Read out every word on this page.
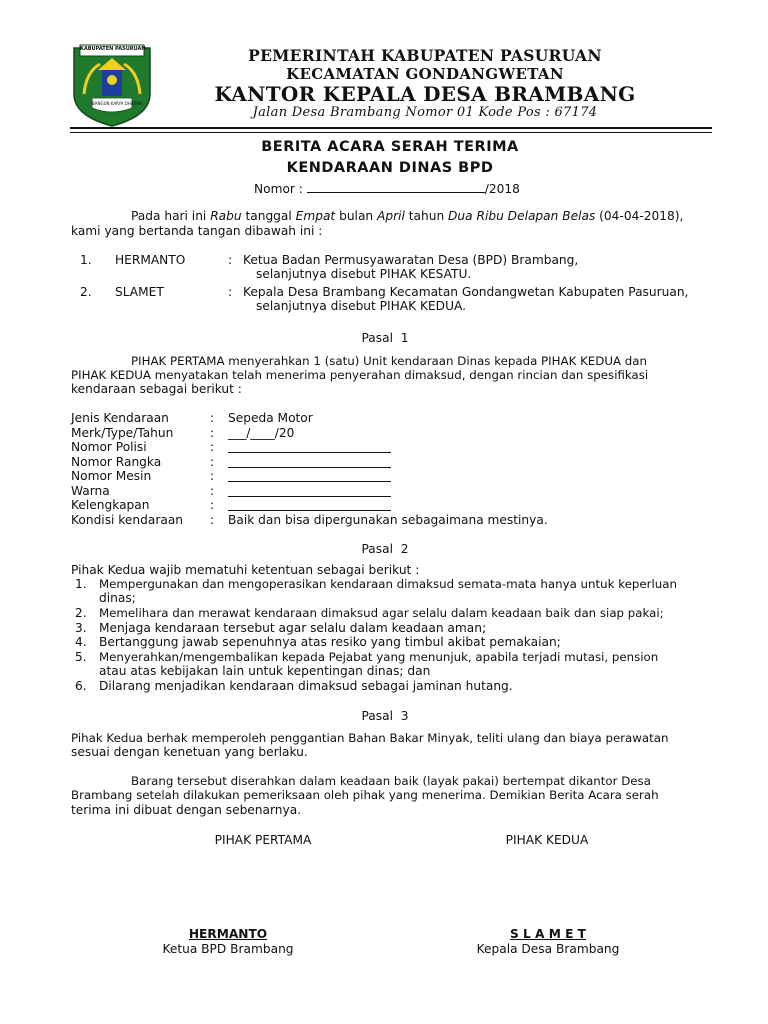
KABUPATEN PASURUAN
BANGUN KARYA DHARMA
PEMERINTAH KABUPATEN PASURUAN
KECAMATAN GONDANGWETAN
KANTOR KEPALA DESA BRAMBANG
Jalan Desa Brambang Nomor 01 Kode Pos : 67174
BERITA ACARA SERAH TERIMA
KENDARAAN DINAS BPD
Nomor :	/2018
Pada hari ini Rabu tanggal Empat bulan April tahun Dua Ribu Delapan Belas (04-04-2018),
kami yang bertanda tangan dibawah ini :
1. HERMANTO	: Ketua Badan Permusyawaratan Desa (BPD) Brambang,
selanjutnya disebut PIHAK KESATU.
2. SLAMET	: Kepala Desa Brambang Kecamatan Gondangwetan Kabupaten Pasuruan,
selanjutnya disebut PIHAK KEDUA.
Pasal  1
PIHAK PERTAMA menyerahkan 1 (satu) Unit kendaraan Dinas kepada PIHAK KEDUA dan
PIHAK KEDUA menyatakan telah menerima penyerahan dimaksud, dengan rincian dan spesifikasi
kendaraan sebagai berikut :
Jenis Kendaraan	: Sepeda Motor
Merk/Type/Tahun	: ___/____/20
Nomor Polisi	:
Nomor Rangka	:
Nomor Mesin	:
Warna	:
Kelengkapan	:
Kondisi kendaraan : Baik dan bisa dipergunakan sebagaimana mestinya.
Pasal  2
Pihak Kedua wajib mematuhi ketentuan sebagai berikut :
1. Mempergunakan dan mengoperasikan kendaraan dimaksud semata-mata hanya untuk keperluan
dinas;
2. Memelihara dan merawat kendaraan dimaksud agar selalu dalam keadaan baik dan siap pakai;
3. Menjaga kendaraan tersebut agar selalu dalam keadaan aman;
4. Bertanggung jawab sepenuhnya atas resiko yang timbul akibat pemakaian;
5. Menyerahkan/mengembalikan kepada Pejabat yang menunjuk, apabila terjadi mutasi, pension
atau atas kebijakan lain untuk kepentingan dinas; dan
6. Dilarang menjadikan kendaraan dimaksud sebagai jaminan hutang.
Pasal  3
Pihak Kedua berhak memperoleh penggantian Bahan Bakar Minyak, teliti ulang dan biaya perawatan
sesuai dengan kenetuan yang berlaku.
Barang tersebut diserahkan dalam keadaan baik (layak pakai) bertempat dikantor Desa
Brambang setelah dilakukan pemeriksaan oleh pihak yang menerima. Demikian Berita Acara serah
terima ini dibuat dengan sebenarnya.
PIHAK PERTAMA	PIHAK KEDUA
HERMANTO
Ketua BPD Brambang
S L A M E T
Kepala Desa Brambang
